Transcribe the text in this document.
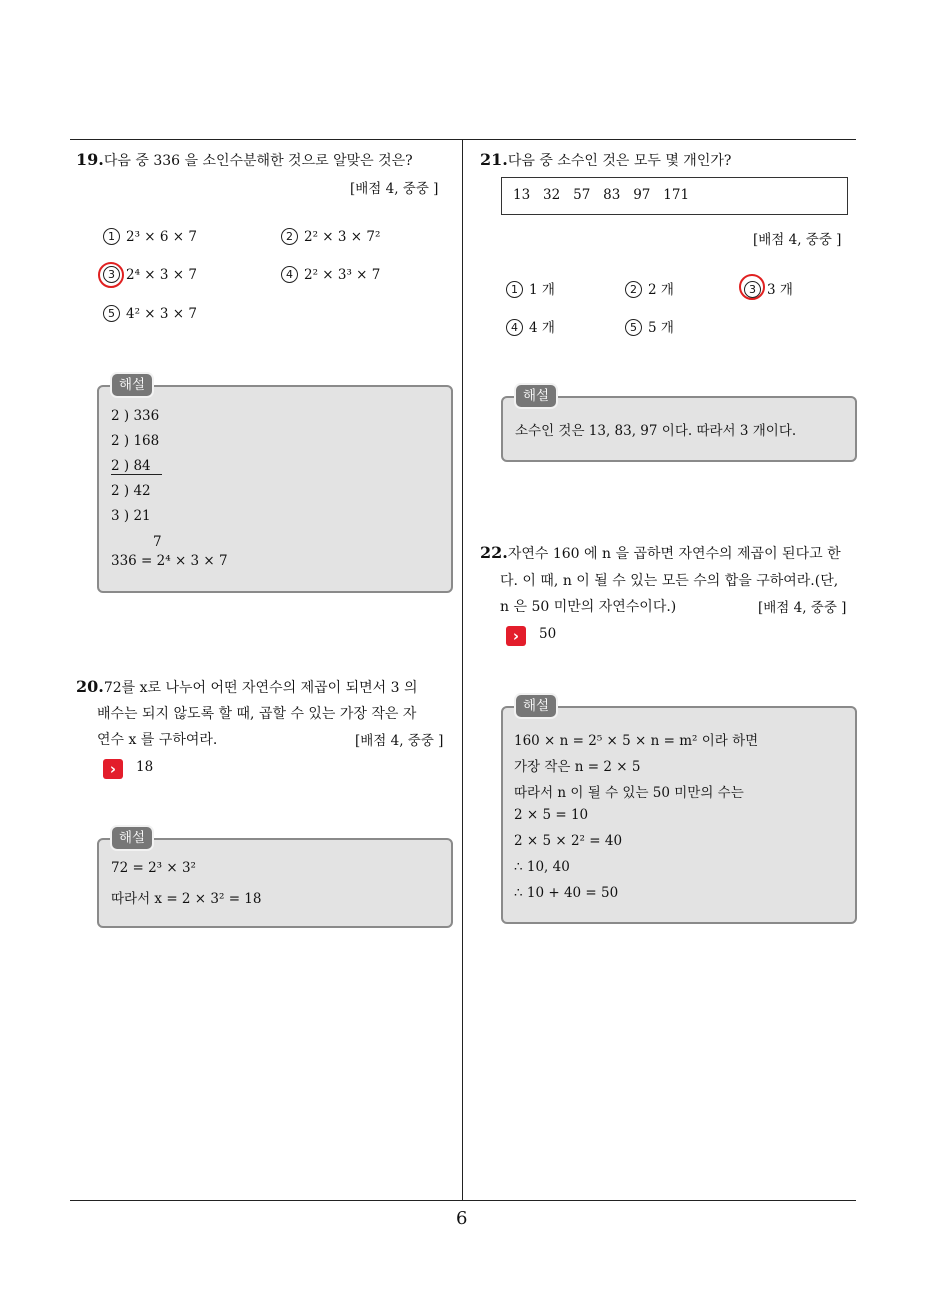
19.다음 중 336 을 소인수분해한 것으로 알맞은 것은?
[배점 4, 중중 ]
1 2³ × 6 × 7	2 2² × 3 × 7²
3 2⁴ × 3 × 7	4 2² × 3³ × 7
5 4² × 3 × 7
해설
2 ) 336
2 ) 168
2 ) 84
2 ) 42
3 ) 21
7
336 = 2⁴ × 3 × 7
20.72를 x로 나누어 어떤 자연수의 제곱이 되면서 3 의
배수는 되지 않도록 할 때, 곱할 수 있는 가장 작은 자
연수 x 를 구하여라.	[배점 4, 중중 ]
›	18
해설
72 = 2³ × 3²
따라서 x = 2 × 3² = 18
21.다음 중 소수인 것은 모두 몇 개인가?
13   32   57   83   97   171
[배점 4, 중중 ]
1 1 개	2 2 개	3 3 개
4 4 개	5 5 개
해설
소수인 것은 13, 83, 97 이다. 따라서 3 개이다.
22.자연수 160 에 n 을 곱하면 자연수의 제곱이 된다고 한
다. 이 때, n 이 될 수 있는 모든 수의 합을 구하여라.(단,
n 은 50 미만의 자연수이다.)	[배점 4, 중중 ]
›	50
해설
160 × n = 2⁵ × 5 × n = m² 이라 하면
가장 작은 n = 2 × 5
따라서 n 이 될 수 있는 50 미만의 수는
2 × 5 = 10
2 × 5 × 2² = 40
∴ 10, 40
∴ 10 + 40 = 50
6
